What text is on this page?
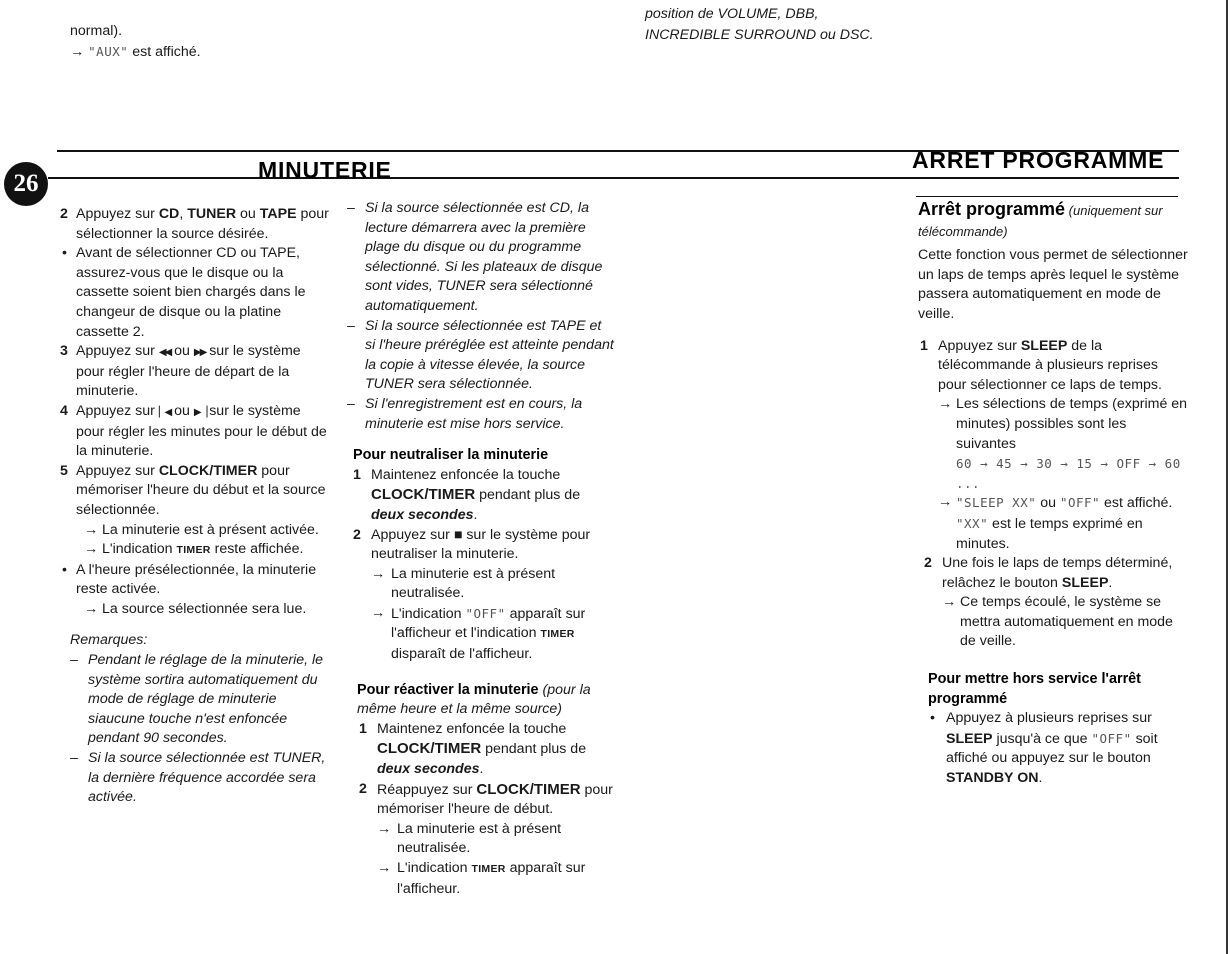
normal).

→ "AUX" est affiché.

position de VOLUME, DBB,

INCREDIBLE SURROUND ou DSC.

26
MINUTERIE	ARRET PROGRAMME
2 Appuyez sur CD, TUNER ou TAPE pour sélectionner la source désirée.
• Avant de sélectionner CD ou TAPE, assurez-vous que le disque ou la cassette soient bien chargés dans le changeur de disque ou la platine cassette 2.
3 Appuyez sur ◀◀ ou ▶▶ sur le système pour régler l'heure de départ de la minuterie.
4 Appuyez sur ▏◀ ou ▶▕ sur le système pour régler les minutes pour le début de la minuterie.
5 Appuyez sur CLOCK/TIMER pour mémoriser l'heure du début et la source sélectionnée.
→ La minuterie est à présent activée.
→ L'indication TIMER reste affichée.
• A l'heure présélectionnée, la minuterie reste activée.
→ La source sélectionnée sera lue.

Remarques:

– Pendant le réglage de la minuterie, le système sortira automatiquement du mode de réglage de minuterie siaucune touche n'est enfoncée pendant 90 secondes.
– Si la source sélectionnée est TUNER, la dernière fréquence accordée sera activée.
– Si la source sélectionnée est CD, la lecture démarrera avec la première plage du disque ou du programme sélectionné. Si les plateaux de disque sont vides, TUNER sera sélectionné automatiquement.
– Si la source sélectionnée est TAPE et si l'heure préréglée est atteinte pendant la copie à vitesse élevée, la source TUNER sera sélectionnée.
– Si l'enregistrement est en cours, la minuterie est mise hors service.

Pour neutraliser la minuterie

1 Maintenez enfoncée la touche CLOCK/TIMER pendant plus de deux secondes.
2 Appuyez sur ■ sur le système pour neutraliser la minuterie.
→ La minuterie est à présent neutralisée.
→ L'indication "OFF" apparaît sur l'afficheur et l'indication TIMER disparaît de l'afficheur.

Pour réactiver la minuterie (pour la même heure et la même source)

1 Maintenez enfoncée la touche CLOCK/TIMER pendant plus de deux secondes.
2 Réappuyez sur CLOCK/TIMER pour mémoriser l'heure de début.
→ La minuterie est à présent neutralisée.
→ L'indication TIMER apparaît sur l'afficheur.

Arrêt programmé (uniquement sur télécommande)

Cette fonction vous permet de sélectionner un laps de temps après lequel le système passera automatiquement en mode de veille.

1 Appuyez sur SLEEP de la télécommande à plusieurs reprises pour sélectionner ce laps de temps.
→ Les sélections de temps (exprimé en minutes) possibles sont les suivantes
60 → 45 → 30 → 15 → OFF → 60 ...
→ "SLEEP XX" ou "OFF" est affiché. "XX" est le temps exprimé en minutes.
2 Une fois le laps de temps déterminé, relâchez le bouton SLEEP.
→ Ce temps écoulé, le système se mettra automatiquement en mode de veille.

Pour mettre hors service l'arrêt programmé

• Appuyez à plusieurs reprises sur SLEEP jusqu'à ce que "OFF" soit affiché ou appuyez sur le bouton STANDBY ON.
